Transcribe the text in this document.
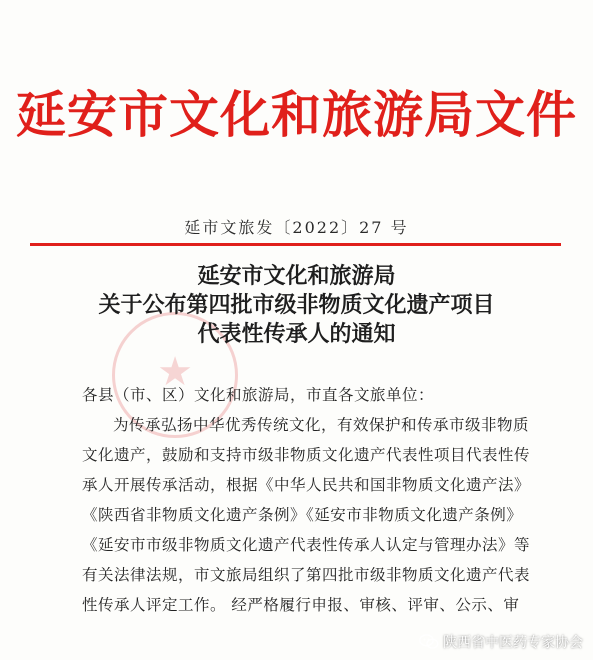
延安市文化和旅游局文件
延市文旅发〔2022〕27 号
★
延安市文化和旅游局
关于公布第四批市级非物质文化遗产项目
代表性传承人的通知
各县（市、区）文化和旅游局，市直各文旅单位：
为传承弘扬中华优秀传统文化，有效保护和传承市级非物质
文化遗产，鼓励和支持市级非物质文化遗产代表性项目代表性传
承人开展传承活动，根据《中华人民共和国非物质文化遗产法》
《陕西省非物质文化遗产条例》《延安市非物质文化遗产条例》
《延安市市级非物质文化遗产代表性传承人认定与管理办法》等
有关法律法规，市文旅局组织了第四批市级非物质文化遗产代表
性传承人评定工作。 经严格履行申报、审核、评审、公示、审
陕西省中医药专家协会
